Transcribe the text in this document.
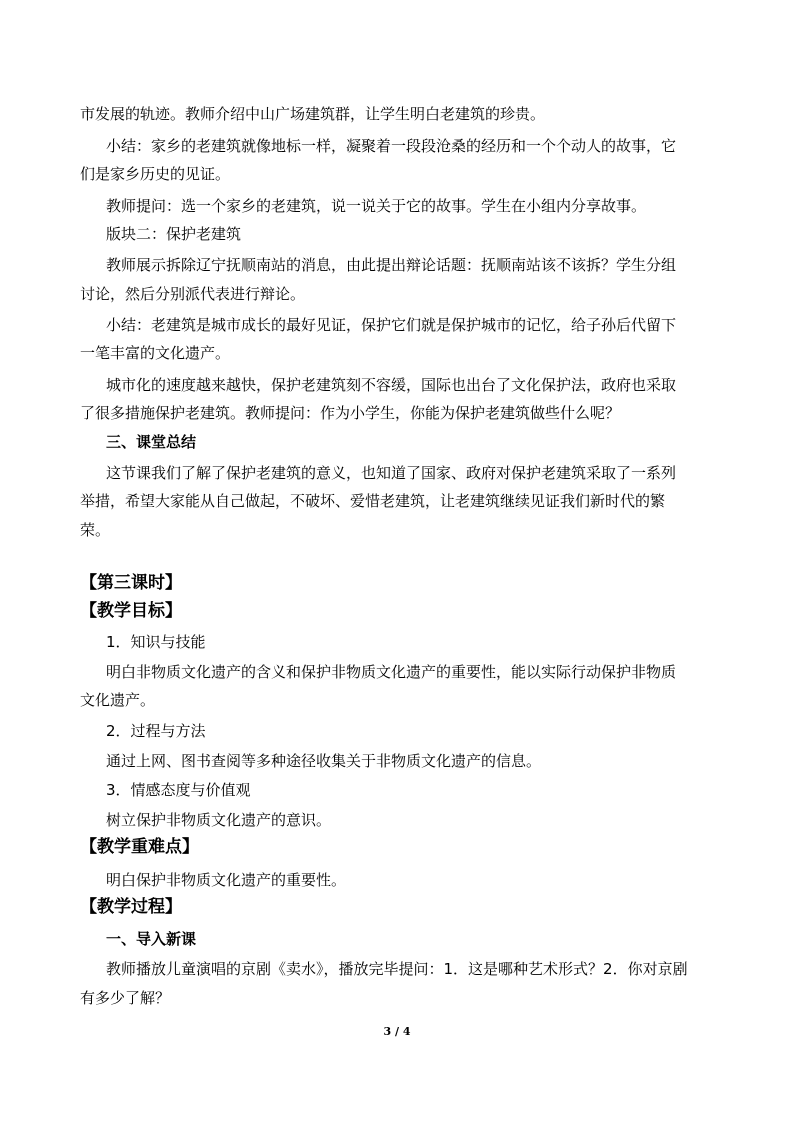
市发展的轨迹。教师介绍中山广场建筑群，让学生明白老建筑的珍贵。
小结：家乡的老建筑就像地标一样，凝聚着一段段沧桑的经历和一个个动人的故事，它
们是家乡历史的见证。
教师提问：选一个家乡的老建筑，说一说关于它的故事。学生在小组内分享故事。
版块二：保护老建筑
教师展示拆除辽宁抚顺南站的消息，由此提出辩论话题：抚顺南站该不该拆？学生分组
讨论，然后分别派代表进行辩论。
小结：老建筑是城市成长的最好见证，保护它们就是保护城市的记忆，给子孙后代留下
一笔丰富的文化遗产。
城市化的速度越来越快，保护老建筑刻不容缓，国际也出台了文化保护法，政府也采取
了很多措施保护老建筑。教师提问：作为小学生，你能为保护老建筑做些什么呢？
三、课堂总结
这节课我们了解了保护老建筑的意义，也知道了国家、政府对保护老建筑采取了一系列
举措，希望大家能从自己做起，不破坏、爱惜老建筑，让老建筑继续见证我们新时代的繁
荣。
【第三课时】
【教学目标】
1．知识与技能
明白非物质文化遗产的含义和保护非物质文化遗产的重要性，能以实际行动保护非物质
文化遗产。
2．过程与方法
通过上网、图书查阅等多种途径收集关于非物质文化遗产的信息。
3．情感态度与价值观
树立保护非物质文化遗产的意识。
【教学重难点】
明白保护非物质文化遗产的重要性。
【教学过程】
一、导入新课
教师播放儿童演唱的京剧《卖水》，播放完毕提问：1．这是哪种艺术形式？2．你对京剧
有多少了解？
3 / 4
